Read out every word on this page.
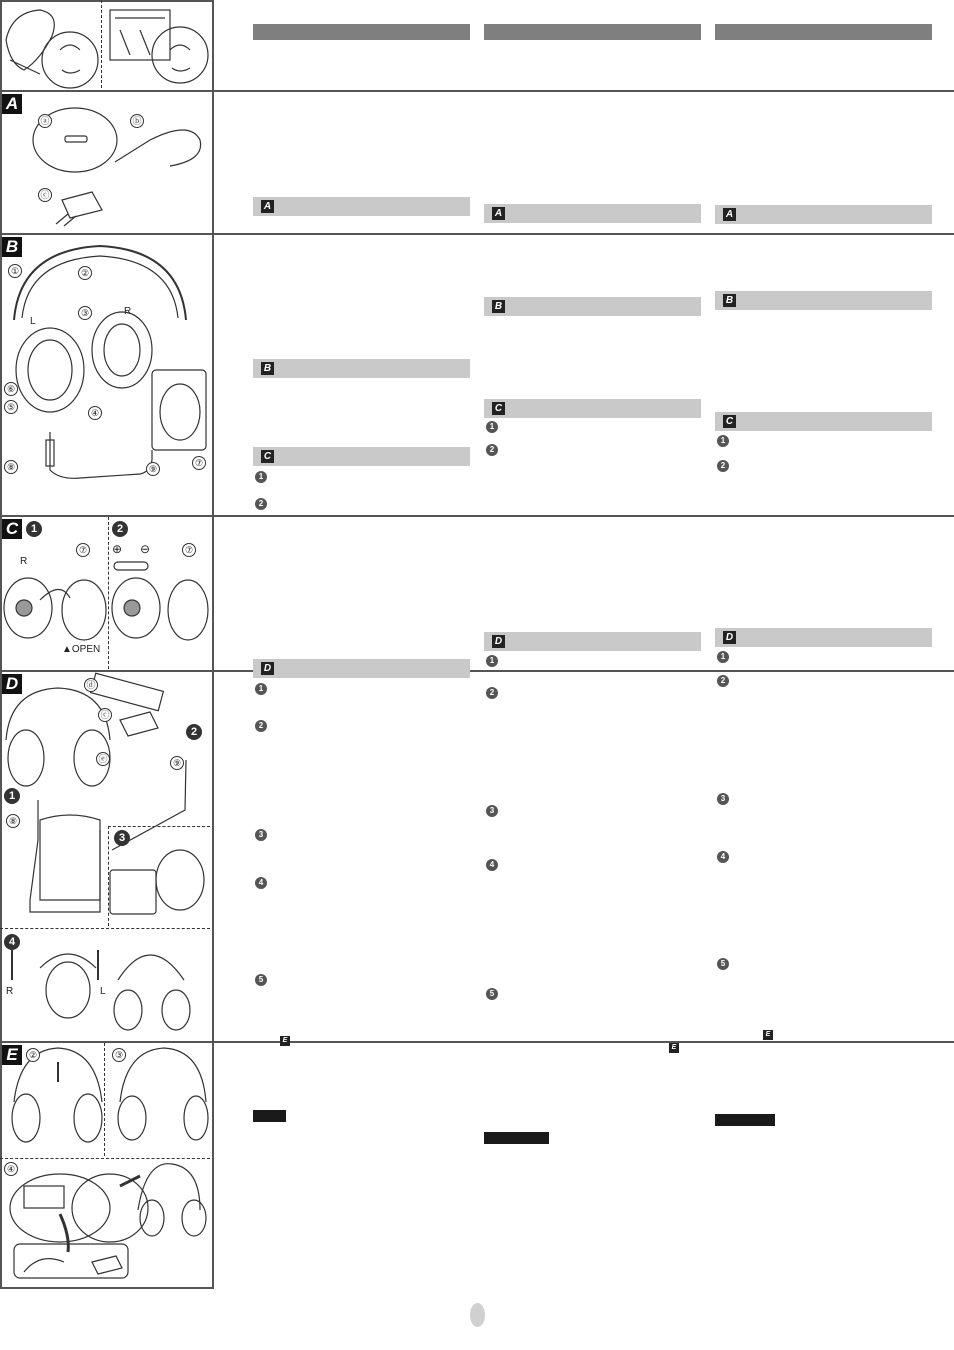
A
B
C
D
E
1	2
2
1
3
4
ⓐ	ⓑ
ⓒ
①	②
③
④
⑤
⑥
⑦
⑧	⑨
L
R
⑦	⑦
R
▲OPEN
⊕ ⊖
ⓓ
ⓒ
ⓔ	⑨
⑧
R	L
②	③
④
A
B
C
1
2
D
1
2
3
4
5
E
A
B
C
1
2
D
1
2
3
4
5
E
A
B
C
1
2
D
1
2
3
4
5
E
